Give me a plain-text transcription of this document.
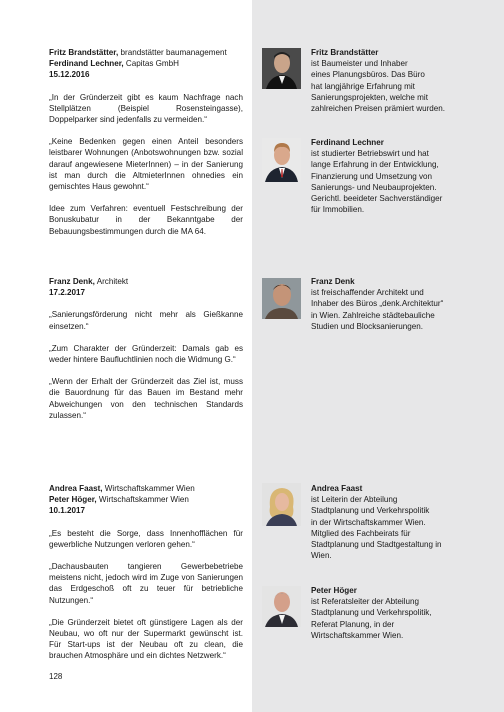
Fritz Brandstätter, brandstätter baumanagement
Ferdinand Lechner, Capitas GmbH
15.12.2016

„In der Gründerzeit gibt es kaum Nachfrage nach Stellplätzen (Beispiel Rosensteingasse), Doppelparker sind jedenfalls zu vermeiden.“

„Keine Bedenken gegen einen Anteil besonders leistbarer Wohnungen (Anbotswohnungen bzw. sozial darauf angewiesene MieterInnen) – in der Sanierung ist man durch die AltmieterInnen ohnedies ein gemischtes Haus gewohnt.“

Idee zum Verfahren: eventuell Festschreibung der Bonuskubatur in der Bekanntgabe der Bebauungsbestimmungen durch die MA 64.

Franz Denk, Architekt
17.2.2017

„Sanierungsförderung nicht mehr als Gießkanne einsetzen.“

„Zum Charakter der Gründerzeit: Damals gab es weder hintere Baufluchtlinien noch die Widmung G.“

„Wenn der Erhalt der Gründerzeit das Ziel ist, muss die Bauordnung für das Bauen im Bestand mehr Abweichungen von den technischen Standards zulassen.“

Andrea Faast, Wirtschaftskammer Wien
Peter Höger, Wirtschaftskammer Wien
10.1.2017

„Es besteht die Sorge, dass Innenhofflächen für gewerbliche Nutzungen verloren gehen.“

„Dachausbauten tangieren Gewerbebetriebe meistens nicht, jedoch wird im Zuge von Sanierungen das Erdgeschoß oft zu teuer für betriebliche Nutzungen.“

„Die Gründerzeit bietet oft günstigere Lagen als der Neubau, wo oft nur der Supermarkt gewünscht ist. Für Start-ups ist der Neubau oft zu clean, die brauchen Atmosphäre und ein dichtes Netzwerk.“

Fritz Brandstätter
ist Baumeister und Inhaber
eines Planungsbüros. Das Büro
hat langjährige Erfahrung mit
Sanierungsprojekten, welche mit
zahlreichen Preisen prämiert wurden.
Ferdinand Lechner
ist studierter Betriebswirt und hat
lange Erfahrung in der Entwicklung,
Finanzierung und Umsetzung von
Sanierungs- und Neubauprojekten.
Gerichtl. beeideter Sachverständiger
für Immobilien.
Franz Denk
ist freischaffender Architekt und
Inhaber des Büros „denk.Architektur“
in Wien. Zahlreiche städtebauliche
Studien und Blocksanierungen.
Andrea Faast
ist Leiterin der Abteilung
Stadtplanung und Verkehrspolitik
in der Wirtschaftskammer Wien.
Mitglied des Fachbeirats für
Stadtplanung und Stadtgestaltung in
Wien.
Peter Höger
ist Referatsleiter der Abteilung
Stadtplanung und Verkehrspolitik,
Referat Planung, in der
Wirtschaftskammer Wien.
128
